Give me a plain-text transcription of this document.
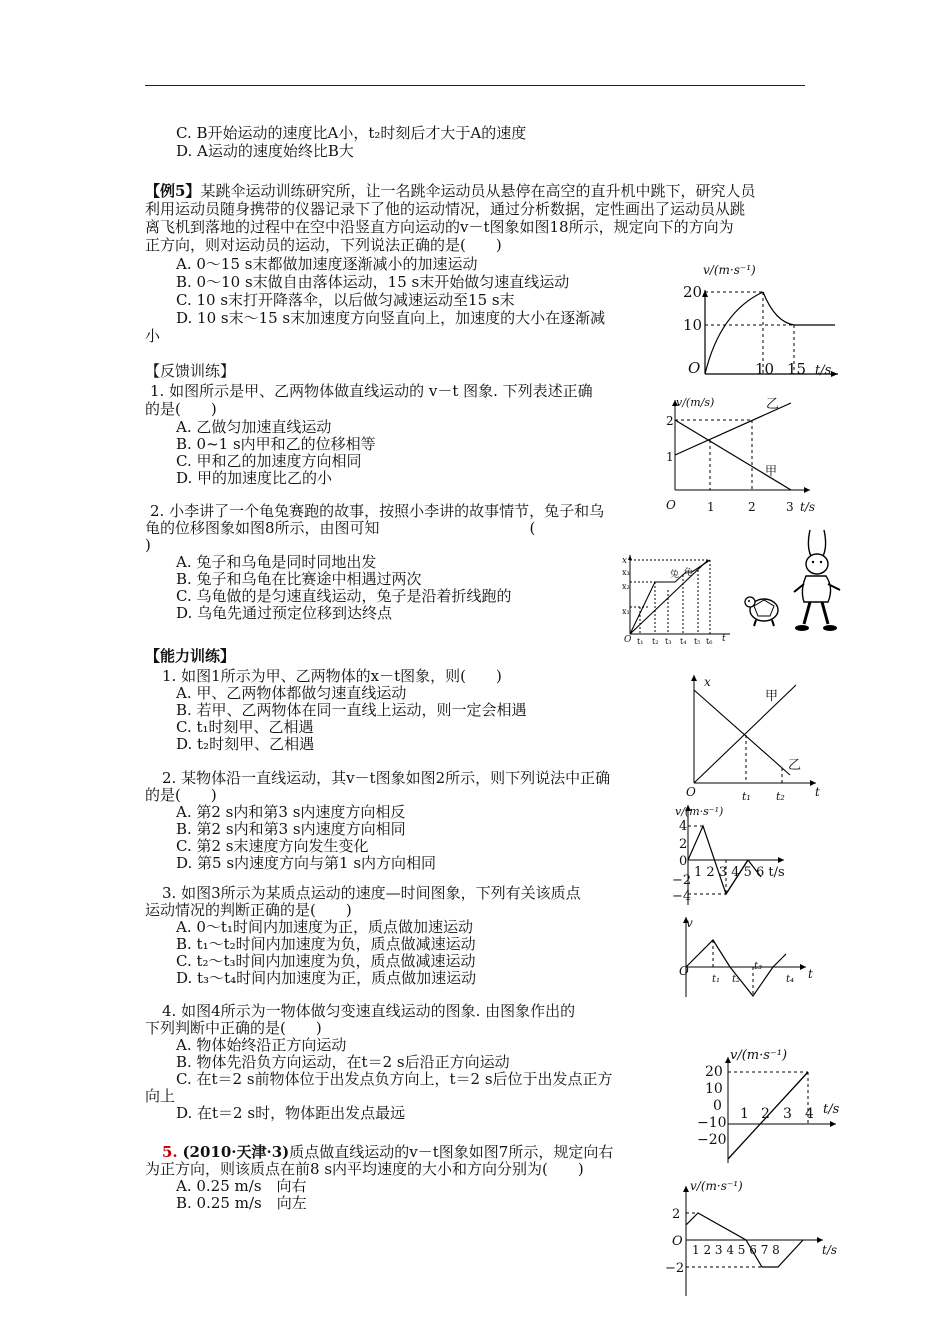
C. B开始运动的速度比A小，t₂时刻后才大于A的速度
D. A运动的速度始终比B大
【例5】某跳伞运动训练研究所，让一名跳伞运动员从悬停在高空的直升机中跳下，研究人员
利用运动员随身携带的仪器记录下了他的运动情况，通过分析数据，定性画出了运动员从跳
离飞机到落地的过程中在空中沿竖直方向运动的v－t图象如图18所示，规定向下的方向为
正方向，则对运动员的运动，下列说法正确的是(　　)
A. 0～15 s末都做加速度逐渐减小的加速运动
B. 0～10 s末做自由落体运动，15 s末开始做匀速直线运动
C. 10 s末打开降落伞，以后做匀减速运动至15 s末
D. 10 s末～15 s末加速度方向竖直向上，加速度的大小在逐渐减
小
v/(m·s⁻¹)
20
10
O	10 15 t/s
【反馈训练】
1. 如图所示是甲、乙两物体做直线运动的 v－t 图象. 下列表述正确
的是(　　)
A. 乙做匀加速直线运动
B. 0~1 s内甲和乙的位移相等
C. 甲和乙的加速度方向相同
D. 甲的加速度比乙的小
v/(m/s)
2
1
O	1	2	3 t/s
乙
甲
2. 小李讲了一个龟兔赛跑的故事，按照小李讲的故事情节，兔子和乌
龟的位移图象如图8所示，由图可知　　　　　　　　　　(
)
A. 兔子和乌龟是同时同地出发
B. 兔子和乌龟在比赛途中相遇过两次
C. 乌龟做的是匀速直线运动，兔子是沿着折线跑的
D. 乌龟先通过预定位移到达终点
x
x₃
x₂
x₁
O t₁ t₂ t₃ t₄ t₅ t₆ t
兔 龟
【能力训练】
1. 如图1所示为甲、乙两物体的x－t图象，则(　　)
A. 甲、乙两物体都做匀速直线运动
B. 若甲、乙两物体在同一直线上运动，则一定会相遇
C. t₁时刻甲、乙相遇
D. t₂时刻甲、乙相遇
x
甲
乙
O	t₁ t₂	t
2. 某物体沿一直线运动，其v－t图象如图2所示，则下列说法中正确
的是(　　)
A. 第2 s内和第3 s内速度方向相反
B. 第2 s内和第3 s内速度方向相同
C. 第2 s末速度方向发生变化
D. 第5 s内速度方向与第1 s内方向相同
v/(m·s⁻¹)
4
2
0
−2
−4
1 2 3 4 5 6 t/s
3. 如图3所示为某质点运动的速度—时间图象，下列有关该质点
运动情况的判断正确的是(　　)
A. 0～t₁时间内加速度为正，质点做加速运动
B. t₁～t₂时间内加速度为负，质点做减速运动
C. t₂～t₃时间内加速度为负，质点做减速运动
D. t₃～t₄时间内加速度为正，质点做加速运动
v
O
t₁ t₂
t₃
t₄ t
4. 如图4所示为一物体做匀变速直线运动的图象. 由图象作出的
下列判断中正确的是(　　)
A. 物体始终沿正方向运动
B. 物体先沿负方向运动，在t＝2 s后沿正方向运动
C. 在t＝2 s前物体位于出发点负方向上，t＝2 s后位于出发点正方
向上
D. 在t＝2 s时，物体距出发点最远
v/(m·s⁻¹)
20
10
0
−10
−20
1 2 3 4 t/s
5. (2010·天津·3)质点做直线运动的v－t图象如图7所示，规定向右
为正方向，则该质点在前8 s内平均速度的大小和方向分别为(　　)
A. 0.25 m/s　向右
B. 0.25 m/s　向左
v/(m·s⁻¹)
2
O
−2
1 2 3 4 5 6 7 8	t/s
